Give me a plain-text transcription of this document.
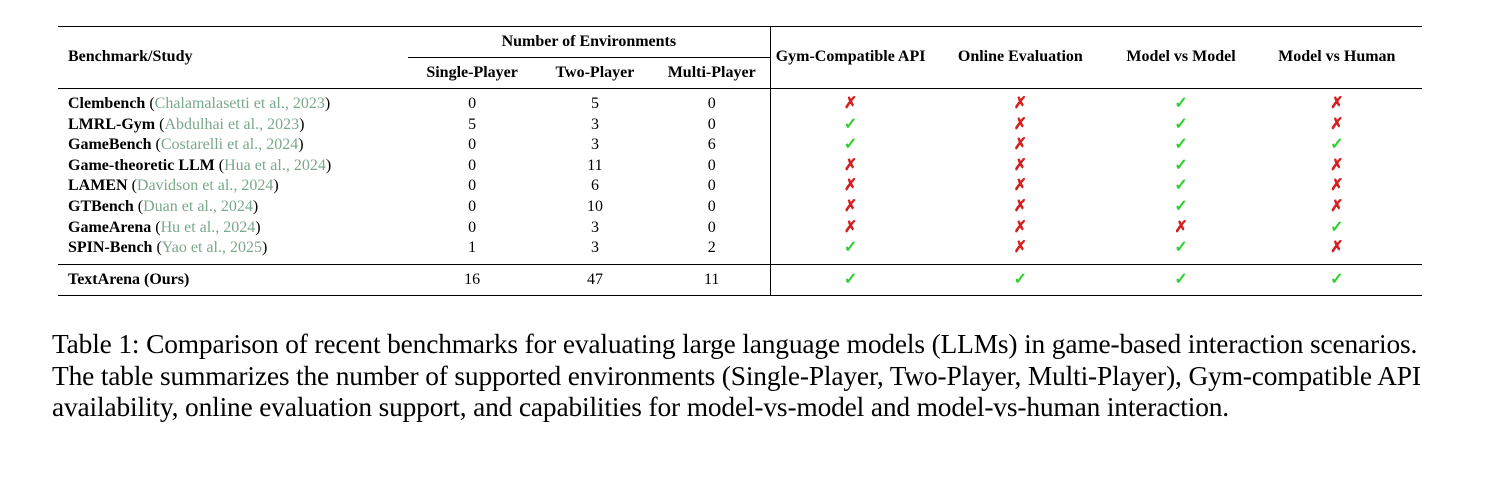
Benchmark/Study	Number of Environments			Gym-Compatible API	Online Evaluation	Model vs Model	Model vs Human
	Single-Player	Two-Player	Multi-Player				
Clembench (Chalamalasetti et al., 2023)	0	5	0	✗	✗	✓	✗
LMRL-Gym (Abdulhai et al., 2023)	5	3	0	✓	✗	✓	✗
GameBench (Costarelli et al., 2024)	0	3	6	✓	✗	✓	✓
Game-theoretic LLM (Hua et al., 2024)	0	11	0	✗	✗	✓	✗
LAMEN (Davidson et al., 2024)	0	6	0	✗	✗	✓	✗
GTBench (Duan et al., 2024)	0	10	0	✗	✗	✓	✗
GameArena (Hu et al., 2024)	0	3	0	✗	✗	✗	✓
SPIN-Bench (Yao et al., 2025)	1	3	2	✓	✗	✓	✗
TextArena (Ours)	16	47	11	✓	✓	✓	✓
Table 1: Comparison of recent benchmarks for evaluating large language models (LLMs) in game-based interaction scenarios. The table summarizes the number of supported environments (Single-Player, Two-Player, Multi-Player), Gym-compatible API availability, online evaluation support, and capabilities for model-vs-model and model-vs-human interaction.
